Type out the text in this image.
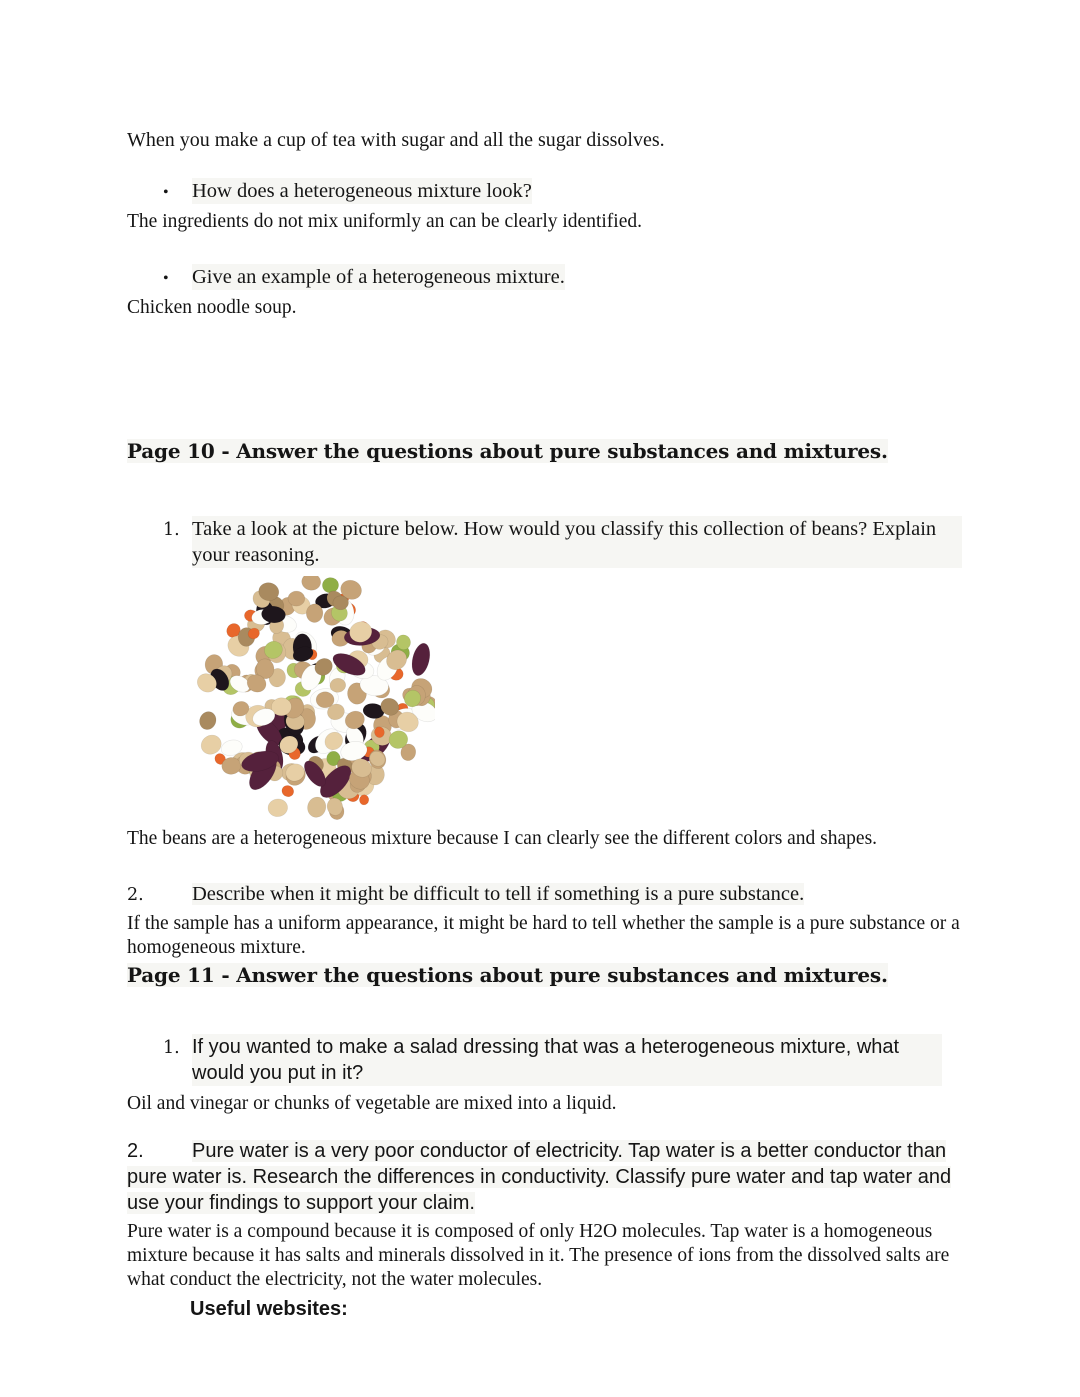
When you make a cup of tea with sugar and all the sugar dissolves.

•	How does a heterogeneous mixture look?

The ingredients do not mix uniformly an can be clearly identified.

•	Give an example of a heterogeneous mixture.

Chicken noodle soup.

Page 10 - Answer the questions about pure substances and mixtures.
1. Take a look at the picture below. How would you classify this collection of beans? Explain your reasoning.

The beans are a heterogeneous mixture because I can clearly see the different colors and shapes.

2. Describe when it might be difficult to tell if something is a pure substance.

If the sample has a uniform appearance, it might be hard to tell whether the sample is a pure substance or a homogeneous mixture.

Page 11 - Answer the questions about pure substances and mixtures.
1. If you wanted to make a salad dressing that was a heterogeneous mixture, what would you put in it?

Oil and vinegar or chunks of vegetable are mixed into a liquid.

2. Pure water is a very poor conductor of electricity. Tap water is a better conductor than pure water is. Research the differences in conductivity. Classify pure water and tap water and use your findings to support your claim.

Pure water is a compound because it is composed of only H2O molecules. Tap water is a homogeneous mixture because it has salts and minerals dissolved in it. The presence of ions from the dissolved salts are what conduct the electricity, not the water molecules.

Useful websites:
